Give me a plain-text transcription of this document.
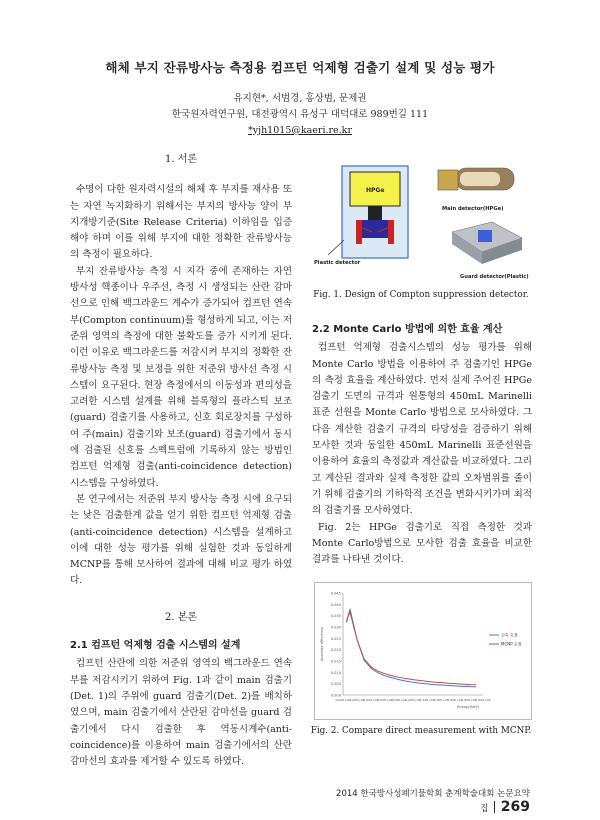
해체 부지 잔류방사능 측정용 컴프턴 억제형 검출기 설계 및 성능 평가
유지현*, 서범경, 홍상범, 문제권
한국원자력연구원, 대전광역시 유성구 대덕대로 989번길 111
*yjh1015@kaeri.re.kr
1. 서론

수명이 다한 원자력시설의 해체 후 부지를 재사용 또는 자연 녹지화하기 위해서는 부지의 방사능 양이 부지개방기준(Site Release Criteria) 이하임을 입증해야 하며 이를 위해 부지에 대한 정확한 잔류방사능의 측정이 필요하다.

부지 잔류방사능 측정 시 지각 중에 존재하는 자연 방사성 핵종이나 우주선, 측정 시 생성되는 산란 감마선으로 인해 백그라운드 계수가 증가되어 컴프턴 연속부(Compton continuum)를 형성하게 되고, 이는 저준위 영역의 측정에 대한 불확도를 증가 시키게 된다. 이런 이유로 백그라운드를 저감시켜 부지의 정확한 잔류방사능 측정 및 보정을 위한 저준위 방사선 측정 시스템이 요구된다. 현장 측정에서의 이동성과 편의성을 고려한 시스템 설계를 위해 블록형의 플라스틱 보조(guard) 검출기를 사용하고, 신호 회로장치를 구성하여 주(main) 검출기와 보조(guard) 검출기에서 동시에 검출된 신호를 스펙트럼에 기록하지 않는 방법인 컴프턴 억제형 검출(anti-coincidence detection) 시스템을 구성하였다.

본 연구에서는 저준위 부지 방사능 측정 시에 요구되는 낮은 검출한계 값을 얻기 위한 컴프턴 억제형 검출(anti-coincidence detection) 시스템을 설계하고 이에 대한 성능 평가를 위해 실험한 것과 동일하게 MCNP를 통해 모사하여 결과에 대해 비교 평가 하였다.

2. 본론
2.1 컴프턴 억제형 검출 시스템의 설계

컴프턴 산란에 의한 저준위 영역의 백그라운드 연속부를 저감시키기 위하여 Fig. 1과 같이 main 검출기 (Det. 1)의 주위에 guard 검출기(Det. 2)를 배치하였으며, main 검출기에서 산란된 감마선을 guard 검출기에서 다시 검출한 후 역동시계수(anti-coincidence)를 이용하여 main 검출기에서의 산란 감마선의 효과를 제거할 수 있도록 하였다.

HPGe
Plastic detector
Main detector(HPGe)
Guard detector(Plastic)
Fig. 1. Design of Compton suppression detector.
2.2 Monte Carlo 방법에 의한 효율 계산

컴프턴 억제형 검출시스템의 성능 평가를 위해 Monte Carlo 방법을 이용하여 주 검출기인 HPGe의 측정 효율을 계산하였다. 먼저 실제 주어진 HPGe 검출기 도면의 규격과 원통형의 450mL Marinelli 표준 선원을 Monte Carlo 방법으로 모사하였다. 그 다음 계산한 검출기 규격의 타당성을 검증하기 위해 모사한 것과 동일한 450mL Marinelli 표준선원을 이용하여 효율의 측정값과 계산값을 비교하였다. 그리고 계산된 결과와 실제 측정한 값의 오차범위를 줄이기 위해 검출기의 기하학적 조건을 변화시키가며 최적의 검출기를 모사하였다.

Fig. 2는 HPGe 검출기로 직접 측정한 것과 Monte Carlo방법으로 모사한 검출 효율을 비교한 결과를 나타낸 것이다.

0.000
0.005
0.010
0.015
0.020
0.025
0.030
0.035
0.040
0.045
0.00E+00 2.00E+02 4.00E+02 6.00E+02 8.00E+02 1.00E+03 1.20E+03 1.40E+03 1.60E+03 1.80E+03 2.00E+03
Absolute efficiency
Energy(keV)
실측 효율
MCNP 효율
Fig. 2. Compare direct measurement with MCNP.
2014 한국방사성폐기물학회 춘계학술대회 논문요약집 269
